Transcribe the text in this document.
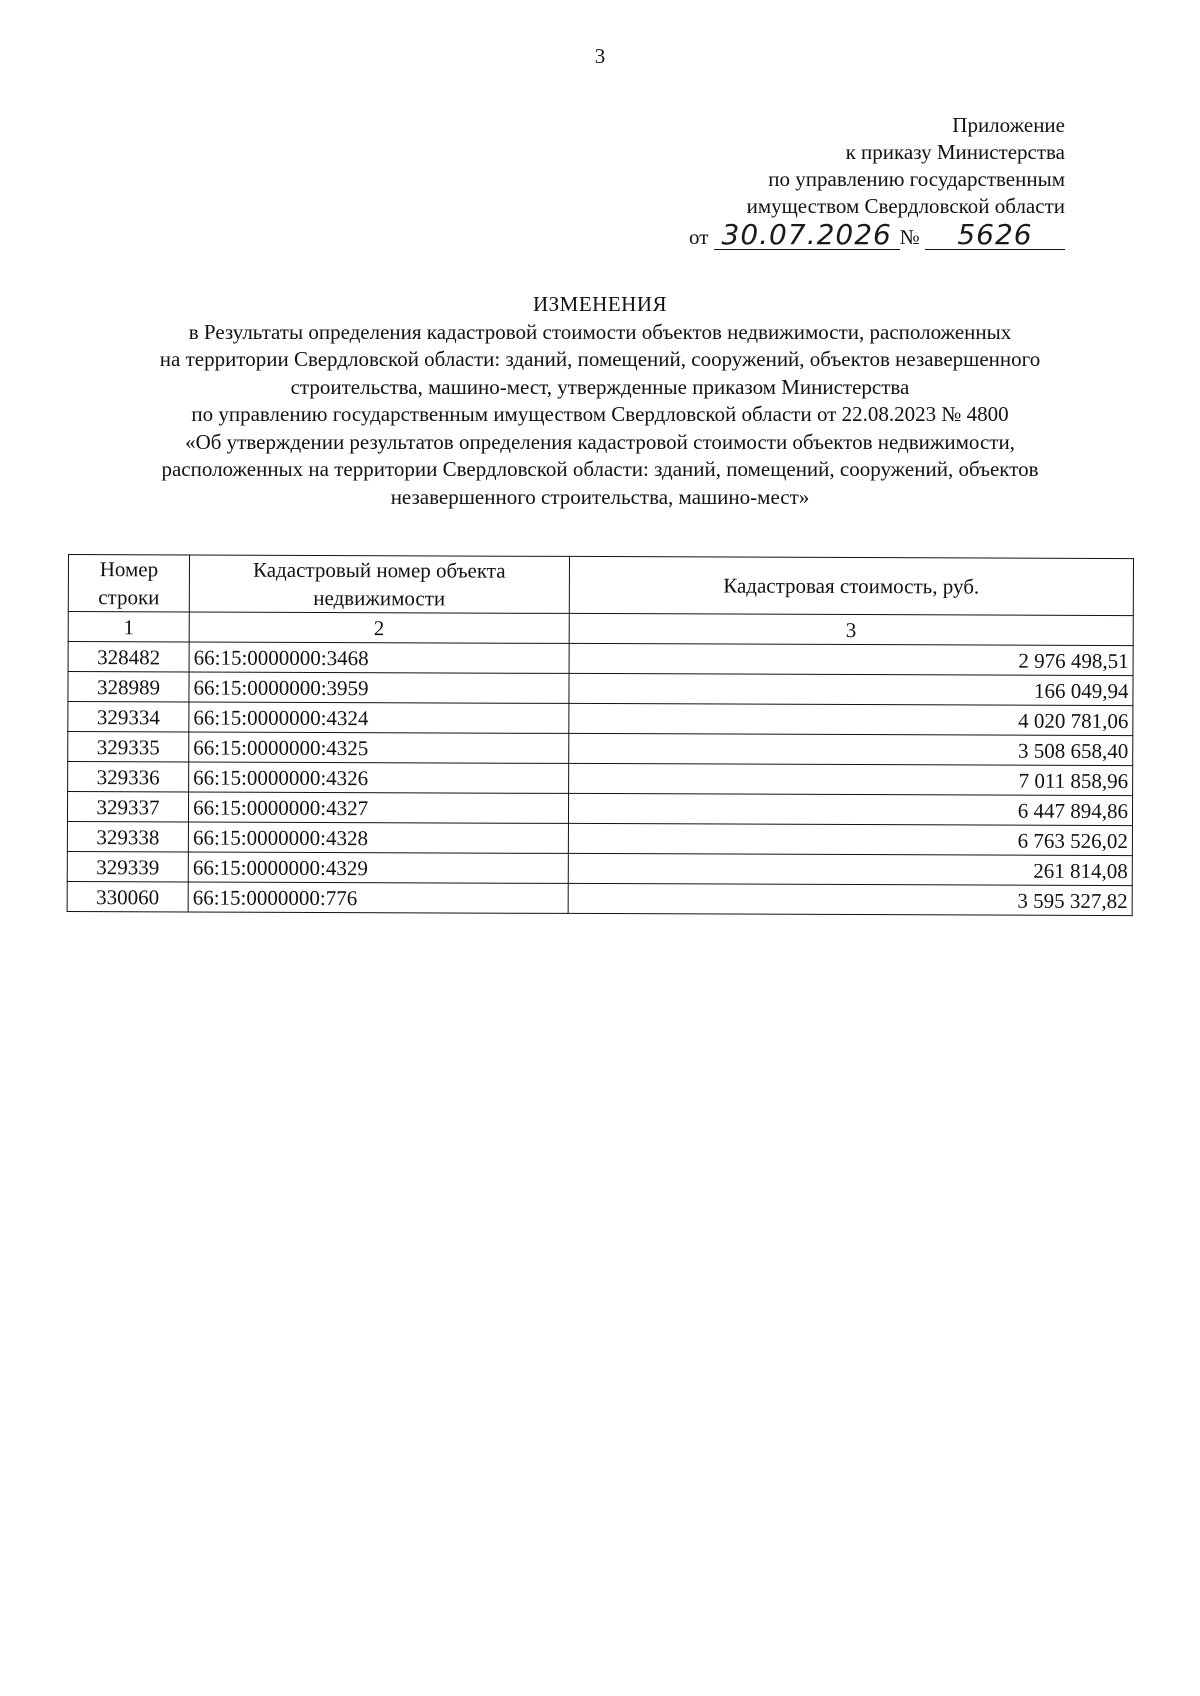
3
Приложение
к приказу Министерства
по управлению государственным
имуществом Свердловской области
от 30.07.2026 № 5626
ИЗМЕНЕНИЯ
в Результаты определения кадастровой стоимости объектов недвижимости, расположенных
на территории Свердловской области: зданий, помещений, сооружений, объектов незавершенного
строительства, машино-мест, утвержденные приказом Министерства
по управлению государственным имуществом Свердловской области от 22.08.2023 № 4800
«Об утверждении результатов определения кадастровой стоимости объектов недвижимости,
расположенных на территории Свердловской области: зданий, помещений, сооружений, объектов
незавершенного строительства, машино-мест»
Номер строки	Кадастровый номер объекта недвижимости	Кадастровая стоимость, руб.
1	2	3
328482	66:15:0000000:3468	2 976 498,51
328989	66:15:0000000:3959	166 049,94
329334	66:15:0000000:4324	4 020 781,06
329335	66:15:0000000:4325	3 508 658,40
329336	66:15:0000000:4326	7 011 858,96
329337	66:15:0000000:4327	6 447 894,86
329338	66:15:0000000:4328	6 763 526,02
329339	66:15:0000000:4329	261 814,08
330060	66:15:0000000:776	3 595 327,82
